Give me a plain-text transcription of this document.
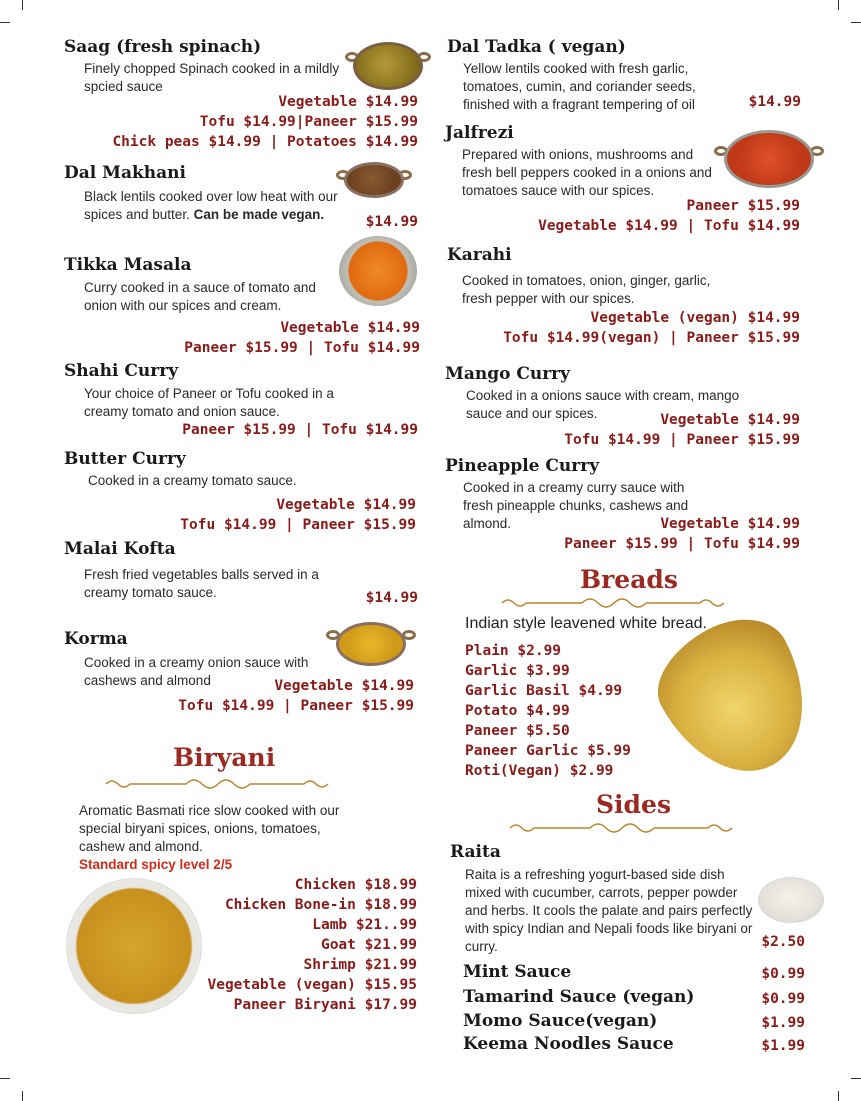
Saag (fresh spinach)
Finely chopped Spinach cooked in a mildly spcied sauce
Vegetable $14.99
Tofu $14.99|Paneer $15.99
Chick peas $14.99 | Potatoes $14.99
Dal Makhani
Black lentils cooked over low heat with our spices and butter. Can be made vegan.	$14.99
Tikka Masala
Curry cooked in a sauce of tomato and onion with our spices and cream.
Vegetable $14.99
Paneer $15.99 | Tofu $14.99
Shahi Curry
Your choice of Paneer or Tofu cooked in a creamy tomato and onion sauce.
Paneer $15.99 | Tofu $14.99
Butter Curry
Cooked in a creamy tomato sauce.
Vegetable $14.99
Tofu $14.99 | Paneer $15.99
Malai Kofta
Fresh fried vegetables balls served in a creamy tomato sauce.	$14.99
Korma
Cooked in a creamy onion sauce with cashews and almond	Vegetable $14.99
Tofu $14.99 | Paneer $15.99
Biryani
Aromatic Basmati rice slow cooked with our special biryani spices, onions, tomatoes, cashew and almond.
Standard spicy level 2/5
Chicken $18.99
Chicken Bone-in $18.99
Lamb $21..99
Goat $21.99
Shrimp $21.99
Vegetable (vegan) $15.95
Paneer Biryani $17.99
Dal Tadka ( vegan)
Yellow lentils cooked with fresh garlic, tomatoes, cumin, and coriander seeds, finished with a fragrant tempering of oil	$14.99
Jalfrezi
Prepared with onions, mushrooms and fresh bell peppers cooked in a onions and tomatoes sauce with our spices.
Paneer $15.99
Vegetable $14.99 | Tofu $14.99
Karahi
Cooked in tomatoes, onion, ginger, garlic, fresh pepper with our spices.
Vegetable (vegan) $14.99
Tofu $14.99(vegan) | Paneer $15.99
Mango Curry
Cooked in a onions sauce with cream, mango sauce and our spices.	Vegetable $14.99
Tofu $14.99 | Paneer $15.99
Pineapple Curry
Cooked in a creamy curry sauce with fresh pineapple chunks, cashews and almond.	Vegetable $14.99
Paneer $15.99 | Tofu $14.99
Breads
Indian style leavened white bread.
Plain $2.99
Garlic $3.99
Garlic Basil $4.99
Potato $4.99
Paneer $5.50
Paneer Garlic $5.99
Roti(Vegan) $2.99
Sides
Raita
Raita is a refreshing yogurt-based side dish mixed with cucumber, carrots, pepper powder and herbs. It cools the palate and pairs perfectly with spicy Indian and Nepali foods like biryani or curry.	$2.50
Mint Sauce	$0.99
Tamarind Sauce (vegan)	$0.99
Momo Sauce(vegan)	$1.99
Keema Noodles Sauce	$1.99
